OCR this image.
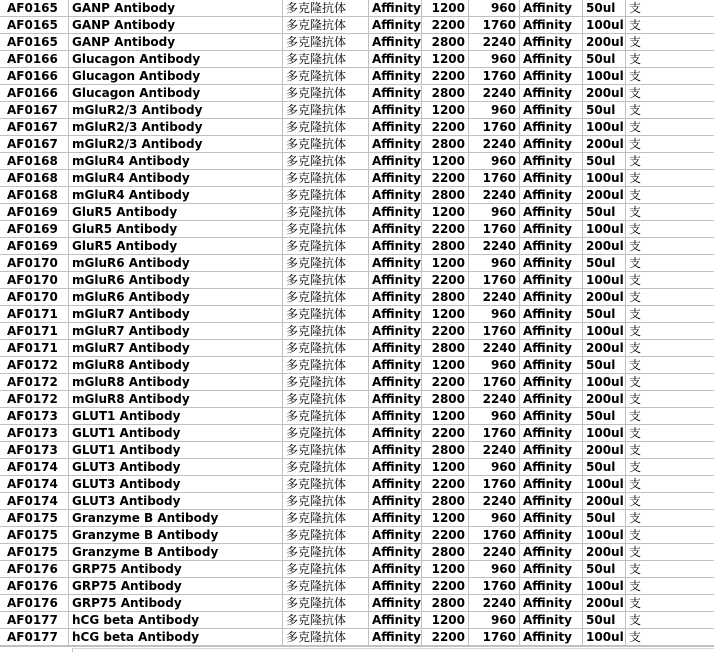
AF0165	GANP Antibody	多克隆抗体	Affinity 1200	960 Affinity	50ul	支
AF0165	GANP Antibody	多克隆抗体	Affinity 2200	1760 Affinity	100ul 支
AF0165	GANP Antibody	多克隆抗体	Affinity 2800	2240 Affinity	200ul 支
AF0166	Glucagon Antibody	多克隆抗体	Affinity 1200	960 Affinity	50ul	支
AF0166	Glucagon Antibody	多克隆抗体	Affinity 2200	1760 Affinity	100ul 支
AF0166	Glucagon Antibody	多克隆抗体	Affinity 2800	2240 Affinity	200ul 支
AF0167	mGluR2/3 Antibody	多克隆抗体	Affinity 1200	960 Affinity	50ul	支
AF0167	mGluR2/3 Antibody	多克隆抗体	Affinity 2200	1760 Affinity	100ul 支
AF0167	mGluR2/3 Antibody	多克隆抗体	Affinity 2800	2240 Affinity	200ul 支
AF0168	mGluR4 Antibody	多克隆抗体	Affinity 1200	960 Affinity	50ul	支
AF0168	mGluR4 Antibody	多克隆抗体	Affinity 2200	1760 Affinity	100ul 支
AF0168	mGluR4 Antibody	多克隆抗体	Affinity 2800	2240 Affinity	200ul 支
AF0169	GluR5 Antibody	多克隆抗体	Affinity 1200	960 Affinity	50ul	支
AF0169	GluR5 Antibody	多克隆抗体	Affinity 2200	1760 Affinity	100ul 支
AF0169	GluR5 Antibody	多克隆抗体	Affinity 2800	2240 Affinity	200ul 支
AF0170	mGluR6 Antibody	多克隆抗体	Affinity 1200	960 Affinity	50ul	支
AF0170	mGluR6 Antibody	多克隆抗体	Affinity 2200	1760 Affinity	100ul 支
AF0170	mGluR6 Antibody	多克隆抗体	Affinity 2800	2240 Affinity	200ul 支
AF0171	mGluR7 Antibody	多克隆抗体	Affinity 1200	960 Affinity	50ul	支
AF0171	mGluR7 Antibody	多克隆抗体	Affinity 2200	1760 Affinity	100ul 支
AF0171	mGluR7 Antibody	多克隆抗体	Affinity 2800	2240 Affinity	200ul 支
AF0172	mGluR8 Antibody	多克隆抗体	Affinity 1200	960 Affinity	50ul	支
AF0172	mGluR8 Antibody	多克隆抗体	Affinity 2200	1760 Affinity	100ul 支
AF0172	mGluR8 Antibody	多克隆抗体	Affinity 2800	2240 Affinity	200ul 支
AF0173	GLUT1 Antibody	多克隆抗体	Affinity 1200	960 Affinity	50ul	支
AF0173	GLUT1 Antibody	多克隆抗体	Affinity 2200	1760 Affinity	100ul 支
AF0173	GLUT1 Antibody	多克隆抗体	Affinity 2800	2240 Affinity	200ul 支
AF0174	GLUT3 Antibody	多克隆抗体	Affinity 1200	960 Affinity	50ul	支
AF0174	GLUT3 Antibody	多克隆抗体	Affinity 2200	1760 Affinity	100ul 支
AF0174	GLUT3 Antibody	多克隆抗体	Affinity 2800	2240 Affinity	200ul 支
AF0175	Granzyme B Antibody	多克隆抗体	Affinity 1200	960 Affinity	50ul	支
AF0175	Granzyme B Antibody	多克隆抗体	Affinity 2200	1760 Affinity	100ul 支
AF0175	Granzyme B Antibody	多克隆抗体	Affinity 2800	2240 Affinity	200ul 支
AF0176	GRP75 Antibody	多克隆抗体	Affinity 1200	960 Affinity	50ul	支
AF0176	GRP75 Antibody	多克隆抗体	Affinity 2200	1760 Affinity	100ul 支
AF0176	GRP75 Antibody	多克隆抗体	Affinity 2800	2240 Affinity	200ul 支
AF0177	hCG beta Antibody	多克隆抗体	Affinity 1200	960 Affinity	50ul	支
AF0177	hCG beta Antibody	多克隆抗体	Affinity 2200	1760 Affinity	100ul 支
